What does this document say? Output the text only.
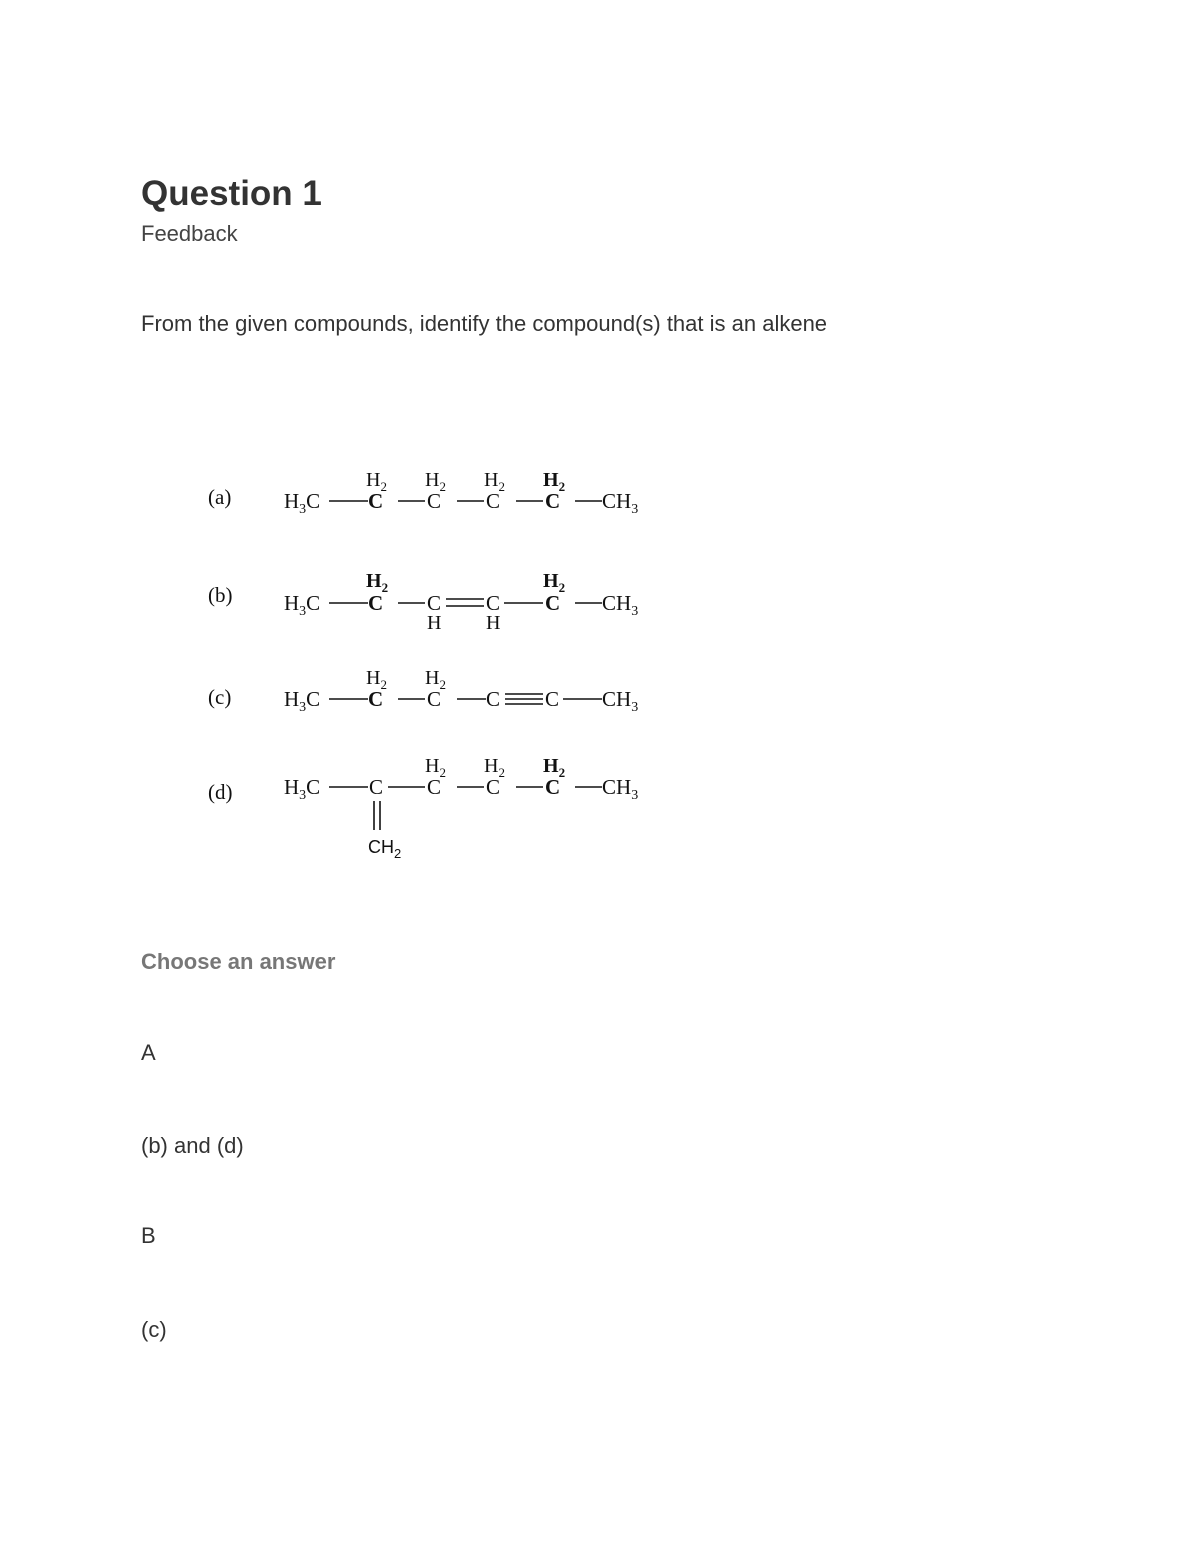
Question 1
Feedback
From the given compounds, identify the compound(s) that is an alkene
(a)	$H_3C$
$H_2$
C
$H_2$
C
$H_2$
C
$H_2$
C $CH_3$
(b) $H_3C$
$H_2$
C C
H
C
H
$H_2$
C $CH_3$
(c)	$H_3C$
$H_2$
C
$H_2$
C C C $CH_3$
(d) $H_3C$ C
$CH_2$
$H_2$
C
$H_2$
C
$H_2$
C $CH_3$
Choose an answer
A
(b) and (d)
B
(c)
